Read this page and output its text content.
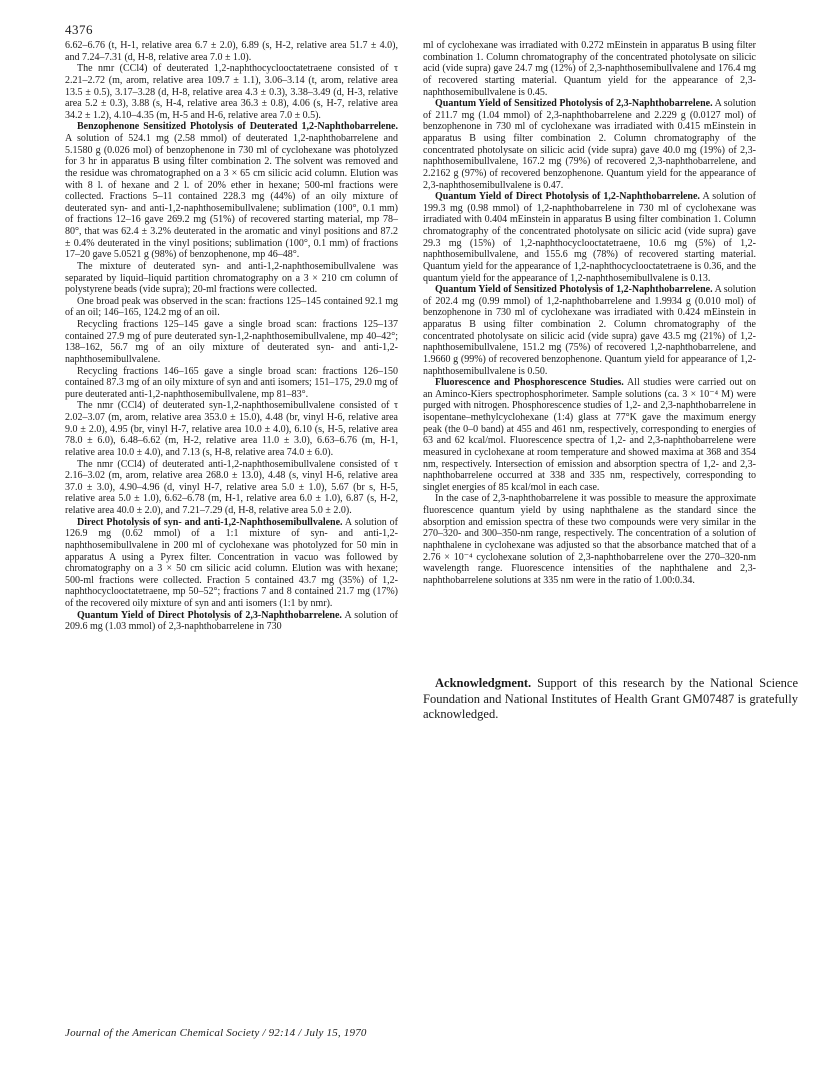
4376

6.62–6.76 (t, H-1, relative area 6.7 ± 2.0), 6.89 (s, H-2, relative area 51.7 ± 4.0), and 7.24–7.31 (d, H-8, relative area 7.0 ± 1.0).

The nmr (CCl4) of deuterated 1,2-naphthocyclooctatetraene consisted of τ 2.21–2.72 (m, arom, relative area 109.7 ± 1.1), 3.06–3.14 (t, arom, relative area 13.5 ± 0.5), 3.17–3.28 (d, H-8, relative area 4.3 ± 0.3), 3.38–3.49 (d, H-3, relative area 5.2 ± 0.3), 3.88 (s, H-4, relative area 36.3 ± 0.8), 4.06 (s, H-7, relative area 34.2 ± 1.2), 4.10–4.35 (m, H-5 and H-6, relative area 7.0 ± 0.5).

Benzophenone Sensitized Photolysis of Deuterated 1,2-Naphthobarrelene. A solution of 524.1 mg (2.58 mmol) of deuterated 1,2-naphthobarrelene and 5.1580 g (0.026 mol) of benzophenone in 730 ml of cyclohexane was photolyzed for 3 hr in apparatus B using filter combination 2. The solvent was removed and the residue was chromatographed on a 3 × 65 cm silicic acid column. Elution was with 8 l. of hexane and 2 l. of 20% ether in hexane; 500-ml fractions were collected. Fractions 5–11 contained 228.3 mg (44%) of an oily mixture of deuterated syn- and anti-1,2-naphthosemibullvalene; sublimation (100°, 0.1 mm) of fractions 12–16 gave 269.2 mg (51%) of recovered starting material, mp 78–80°, that was 62.4 ± 3.2% deuterated in the aromatic and vinyl positions and 87.2 ± 0.4% deuterated in the vinyl positions; sublimation (100°, 0.1 mm) of fractions 17–20 gave 5.0521 g (98%) of benzophenone, mp 46–48°.

The mixture of deuterated syn- and anti-1,2-naphthosemibullvalene was separated by liquid–liquid partition chromatography on a 3 × 210 cm column of polystyrene beads (vide supra); 20-ml fractions were collected.

One broad peak was observed in the scan: fractions 125–145 contained 92.1 mg of an oil; 146–165, 124.2 mg of an oil.

Recycling fractions 125–145 gave a single broad scan: fractions 125–137 contained 27.9 mg of pure deuterated syn-1,2-naphthosemibullvalene, mp 40–42°; 138–162, 56.7 mg of an oily mixture of deuterated syn- and anti-1,2-naphthosemibullvalene.

Recycling fractions 146–165 gave a single broad scan: fractions 126–150 contained 87.3 mg of an oily mixture of syn and anti isomers; 151–175, 29.0 mg of pure deuterated anti-1,2-naphthosemibullvalene, mp 81–83°.

The nmr (CCl4) of deuterated syn-1,2-naphthosemibullvalene consisted of τ 2.02–3.07 (m, arom, relative area 353.0 ± 15.0), 4.48 (br, vinyl H-6, relative area 9.0 ± 2.0), 4.95 (br, vinyl H-7, relative area 10.0 ± 4.0), 6.10 (s, H-5, relative area 78.0 ± 6.0), 6.48–6.62 (m, H-2, relative area 11.0 ± 3.0), 6.63–6.76 (m, H-1, relative area 10.0 ± 4.0), and 7.13 (s, H-8, relative area 74.0 ± 6.0).

The nmr (CCl4) of deuterated anti-1,2-naphthosemibullvalene consisted of τ 2.16–3.02 (m, arom, relative area 268.0 ± 13.0), 4.48 (s, vinyl H-6, relative area 37.0 ± 3.0), 4.90–4.96 (d, vinyl H-7, relative area 5.0 ± 1.0), 5.67 (br s, H-5, relative area 5.0 ± 1.0), 6.62–6.78 (m, H-1, relative area 6.0 ± 1.0), 6.87 (s, H-2, relative area 40.0 ± 2.0), and 7.21–7.29 (d, H-8, relative area 5.0 ± 2.0).

Direct Photolysis of syn- and anti-1,2-Naphthosemibullvalene. A solution of 126.9 mg (0.62 mmol) of a 1:1 mixture of syn- and anti-1,2-naphthosemibullvalene in 200 ml of cyclohexane was photolyzed for 50 min in apparatus A using a Pyrex filter. Concentration in vacuo was followed by chromatography on a 3 × 50 cm silicic acid column. Elution was with hexane; 500-ml fractions were collected. Fraction 5 contained 43.7 mg (35%) of 1,2-naphthocyclooctatetraene, mp 50–52°; fractions 7 and 8 contained 21.7 mg (17%) of the recovered oily mixture of syn and anti isomers (1:1 by nmr).

Quantum Yield of Direct Photolysis of 2,3-Naphthobarrelene. A solution of 209.6 mg (1.03 mmol) of 2,3-naphthobarrelene in 730

ml of cyclohexane was irradiated with 0.272 mEinstein in apparatus B using filter combination 1. Column chromatography of the concentrated photolysate on silicic acid (vide supra) gave 24.7 mg (12%) of 2,3-naphthosemibullvalene and 176.4 mg of recovered starting material. Quantum yield for the appearance of 2,3-naphthosemibullvalene is 0.45.

Quantum Yield of Sensitized Photolysis of 2,3-Naphthobarrelene. A solution of 211.7 mg (1.04 mmol) of 2,3-naphthobarrelene and 2.229 g (0.0127 mol) of benzophenone in 730 ml of cyclohexane was irradiated with 0.415 mEinstein in apparatus B using filter combination 2. Column chromatography of the concentrated photolysate on silicic acid (vide supra) gave 40.0 mg (19%) of 2,3-naphthosemibullvalene, 167.2 mg (79%) of recovered 2,3-naphthobarrelene, and 2.2162 g (97%) of recovered benzophenone. Quantum yield for the appearance of 2,3-naphthosemibullvalene is 0.47.

Quantum Yield of Direct Photolysis of 1,2-Naphthobarrelene. A solution of 199.3 mg (0.98 mmol) of 1,2-naphthobarrelene in 730 ml of cyclohexane was irradiated with 0.404 mEinstein in apparatus B using filter combination 1. Column chromatography of the concentrated photolysate on silicic acid (vide supra) gave 29.3 mg (15%) of 1,2-naphthocyclooctatetraene, 10.6 mg (5%) of 1,2-naphthosemibullvalene, and 155.6 mg (78%) of recovered starting material. Quantum yield for the appearance of 1,2-naphthocyclooctatetraene is 0.36, and the quantum yield for the appearance of 1,2-naphthosemibullvalene is 0.13.

Quantum Yield of Sensitized Photolysis of 1,2-Naphthobarrelene. A solution of 202.4 mg (0.99 mmol) of 1,2-naphthobarrelene and 1.9934 g (0.010 mol) of benzophenone in 730 ml of cyclohexane was irradiated with 0.424 mEinstein in apparatus B using filter combination 2. Column chromatography of the concentrated photolysate on silicic acid (vide supra) gave 43.5 mg (21%) of 1,2-naphthosemibullvalene, 151.2 mg (75%) of recovered 1,2-naphthobarrelene, and 1.9660 g (99%) of recovered benzophenone. Quantum yield for appearance of 1,2-naphthosemibullvalene is 0.50.

Fluorescence and Phosphorescence Studies. All studies were carried out on an Aminco-Kiers spectrophosphorimeter. Sample solutions (ca. 3 × 10⁻⁴ M) were purged with nitrogen. Phosphorescence studies of 1,2- and 2,3-naphthobarrelene in isopentane–methylcyclohexane (1:4) glass at 77°K gave the maximum energy peak (the 0–0 band) at 455 and 461 nm, respectively, corresponding to energies of 63 and 62 kcal/mol. Fluorescence spectra of 1,2- and 2,3-naphthobarrelene were measured in cyclohexane at room temperature and showed maxima at 368 and 354 nm, respectively. Intersection of emission and absorption spectra of 1,2- and 2,3-naphthobarrelene occurred at 338 and 335 nm, respectively, corresponding to singlet energies of 85 kcal/mol in each case.

In the case of 2,3-naphthobarrelene it was possible to measure the approximate fluorescence quantum yield by using naphthalene as the standard since the absorption and emission spectra of these two compounds were very similar in the 270–320- and 300–350-nm range, respectively. The concentration of a solution of naphthalene in cyclohexane was adjusted so that the absorbance matched that of a 2.76 × 10⁻⁴ cyclohexane solution of 2,3-naphthobarrelene over the 270–320-nm wavelength range. Fluorescence intensities of the naphthalene and 2,3-naphthobarrelene solutions at 335 nm were in the ratio of 1.00:0.34.

Acknowledgment. Support of this research by the National Science Foundation and National Institutes of Health Grant GM07487 is gratefully acknowledged.

Journal of the American Chemical Society / 92:14 / July 15, 1970
